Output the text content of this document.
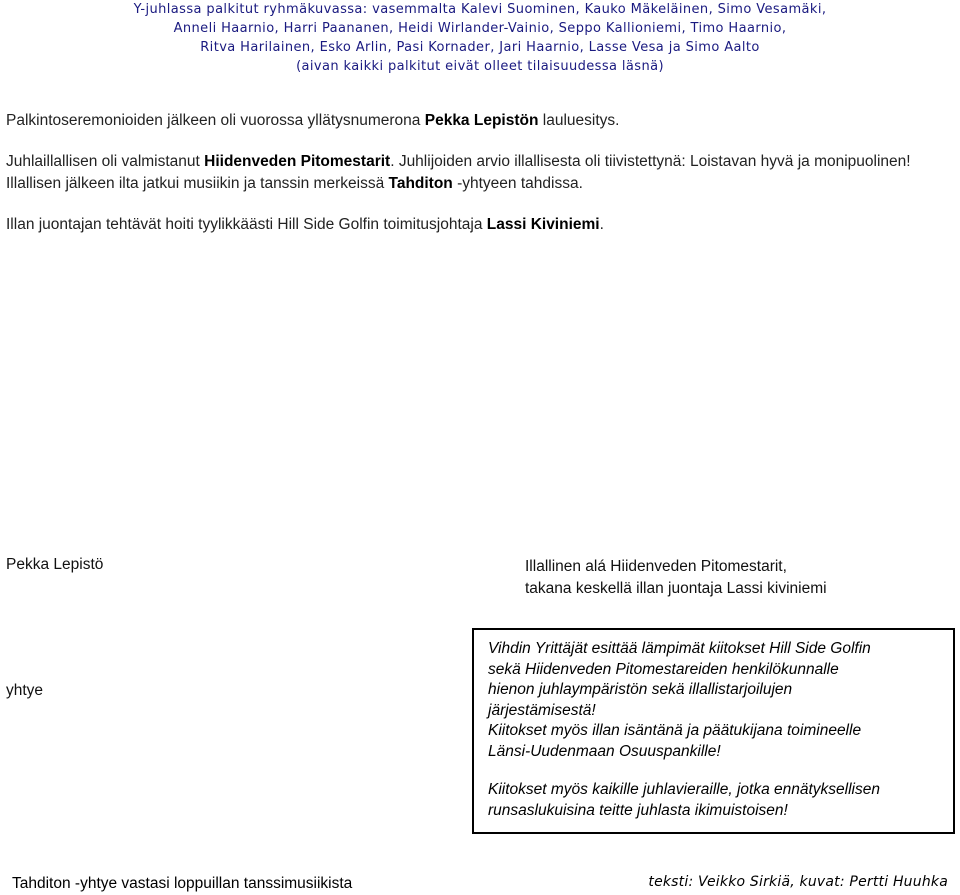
Y-juhlassa palkitut ryhmäkuvassa: vasemmalta Kalevi Suominen, Kauko Mäkeläinen, Simo Vesamäki,
Anneli Haarnio, Harri Paananen, Heidi Wirlander-Vainio, Seppo Kallioniemi, Timo Haarnio,
Ritva Harilainen, Esko Arlin, Pasi Kornader, Jari Haarnio, Lasse Vesa ja Simo Aalto
(aivan kaikki palkitut eivät olleet tilaisuudessa läsnä)
Palkintoseremonioiden jälkeen oli vuorossa yllätysnumerona Pekka Lepistön lauluesitys.
Juhlaillallisen oli valmistanut Hiidenveden Pitomestarit. Juhlijoiden arvio illallisesta oli tiivistettynä: Loistavan hyvä ja monipuolinen! Illallisen jälkeen ilta jatkui musiikin ja tanssin merkeissä Tahditon -yhtyeen tahdissa.
Illan juontajan tehtävät hoiti tyylikkäästi Hill Side Golfin toimitusjohtaja Lassi Kiviniemi.
Pekka Lepistö	Illallinen alá Hiidenveden Pitomestarit,
takana keskellä illan juontaja Lassi kiviniemi
yhtye
Vihdin Yrittäjät esittää lämpimät kiitokset Hill Side Golfin
sekä Hiidenveden Pitomestareiden henkilökunnalle
hienon juhlaympäristön sekä illallistarjoilujen
järjestämisestä!
Kiitokset myös illan isäntänä ja päätukijana toimineelle
Länsi-Uudenmaan Osuuspankille!
Kiitokset myös kaikille juhlavieraille, jotka ennätyksellisen
runsaslukuisina teitte juhlasta ikimuistoisen!
Tahditon -yhtye vastasi loppuillan tanssimusiikista	teksti: Veikko Sirkiä, kuvat: Pertti Huuhka
